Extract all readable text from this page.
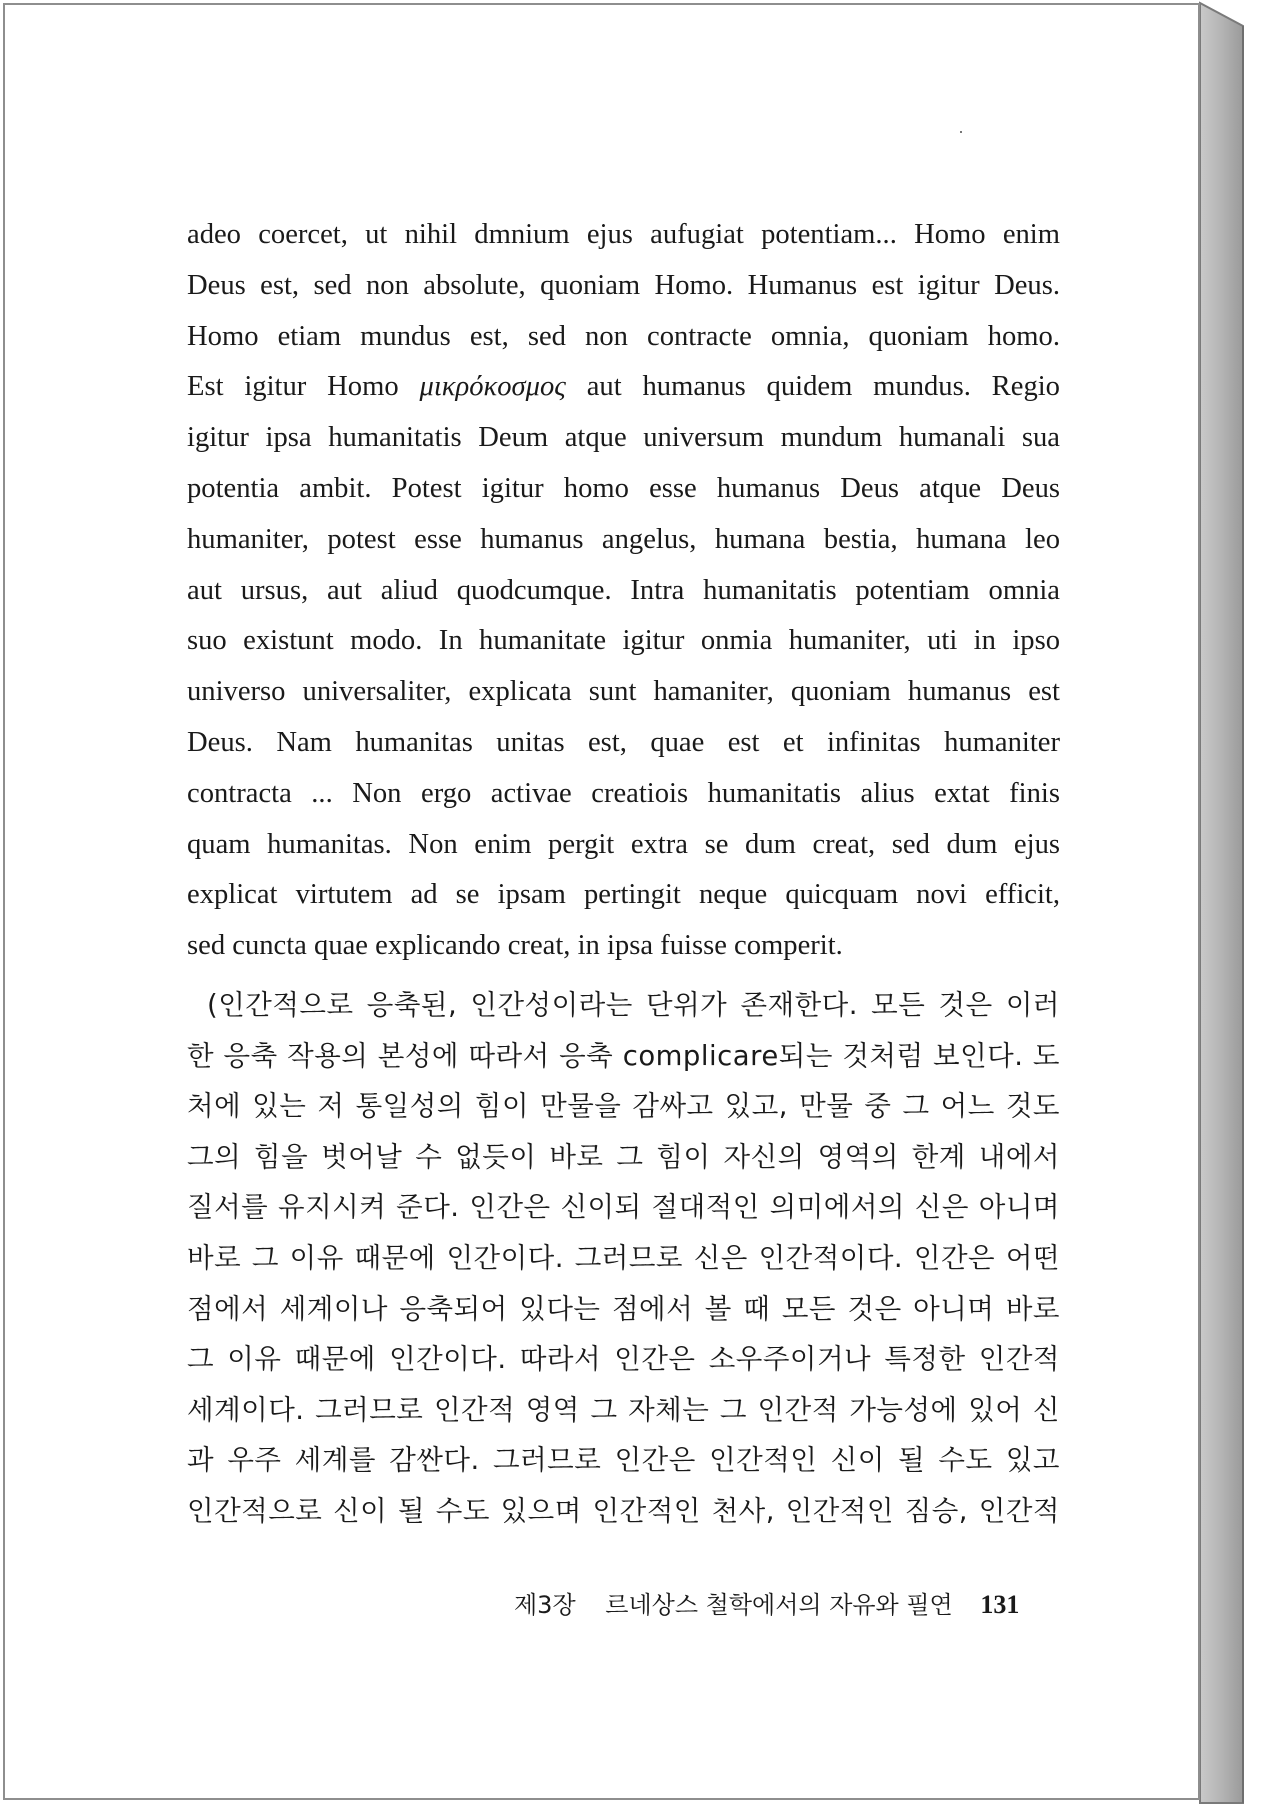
adeo coercet, ut nihil dmnium ejus aufugiat potentiam... Homo enim
Deus est, sed non absolute, quoniam Homo. Humanus est igitur Deus.
Homo etiam mundus est, sed non contracte omnia, quoniam homo.
Est igitur Homo μικρόκοσμος aut humanus quidem mundus. Regio
igitur ipsa humanitatis Deum atque universum mundum humanali sua
potentia ambit. Potest igitur homo esse humanus Deus atque Deus
humaniter, potest esse humanus angelus, humana bestia, humana leo
aut ursus, aut aliud quodcumque. Intra humanitatis potentiam omnia
suo existunt modo. In humanitate igitur onmia humaniter, uti in ipso
universo universaliter, explicata sunt hamaniter, quoniam humanus est
Deus. Nam humanitas unitas est, quae est et infinitas humaniter
contracta ... Non ergo activae creatiois humanitatis alius extat finis
quam humanitas. Non enim pergit extra se dum creat, sed dum ejus
explicat virtutem ad se ipsam pertingit neque quicquam novi efficit,
sed cuncta quae explicando creat, in ipsa fuisse comperit.
(인간적으로 응축된, 인간성이라는 단위가 존재한다. 모든 것은 이러
한 응축 작용의 본성에 따라서 응축 complicare되는 것처럼 보인다. 도
처에 있는 저 통일성의 힘이 만물을 감싸고 있고, 만물 중 그 어느 것도
그의 힘을 벗어날 수 없듯이 바로 그 힘이 자신의 영역의 한계 내에서
질서를 유지시켜 준다. 인간은 신이되 절대적인 의미에서의 신은 아니며
바로 그 이유 때문에 인간이다. 그러므로 신은 인간적이다. 인간은 어떤
점에서 세계이나 응축되어 있다는 점에서 볼 때 모든 것은 아니며 바로
그 이유 때문에 인간이다. 따라서 인간은 소우주이거나 특정한 인간적
세계이다. 그러므로 인간적 영역 그 자체는 그 인간적 가능성에 있어 신
과 우주 세계를 감싼다. 그러므로 인간은 인간적인 신이 될 수도 있고
인간적으로 신이 될 수도 있으며 인간적인 천사, 인간적인 짐승, 인간적
제3장 르네상스 철학에서의 자유와 필연 131
